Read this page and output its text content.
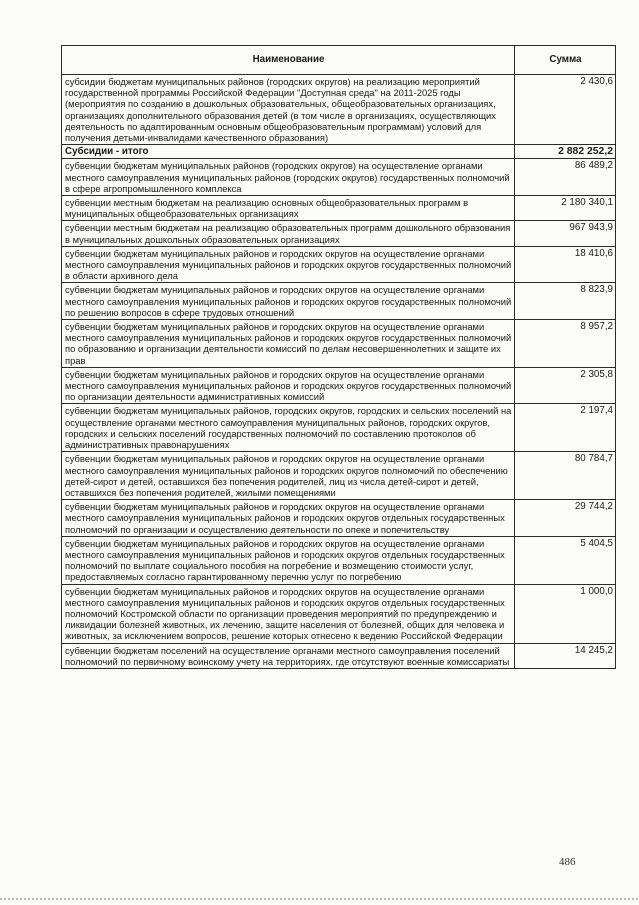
Наименование	Сумма
субсидии бюджетам муниципальных районов (городских округов) на реализацию мероприятий государственной программы Российской Федерации "Доступная среда" на 2011-2025 годы (мероприятия по созданию в дошкольных образовательных, общеобразовательных организациях, организациях дополнительного образования детей (в том числе в организациях, осуществляющих деятельность по адаптированным основным общеобразовательным программам) условий для получения детьми-инвалидами качественного образования)	2 430,6
Субсидии - итого	2 882 252,2
субвенции бюджетам муниципальных районов (городских округов) на осуществление органами местного самоуправления муниципальных районов (городских округов) государственных полномочий в сфере агропромышленного комплекса	86 489,2
субвенции местным бюджетам на реализацию основных общеобразовательных программ в муниципальных общеобразовательных организациях	2 180 340,1
субвенции местным бюджетам на реализацию образовательных программ дошкольного образования в муниципальных дошкольных образовательных организациях	967 943,9
субвенции бюджетам муниципальных районов и городских округов на осуществление органами местного самоуправления муниципальных районов и городских округов государственных полномочий в области архивного дела	18 410,6
субвенции бюджетам муниципальных районов и городских округов на осуществление органами местного самоуправления муниципальных районов и городских округов государственных полномочий по решению вопросов в сфере трудовых отношений	8 823,9
субвенции бюджетам муниципальных районов и городских округов на осуществление органами местного самоуправления муниципальных районов и городских округов государственных полномочий по образованию и организации деятельности комиссий по делам несовершеннолетних и защите их прав	8 957,2
субвенции бюджетам муниципальных районов и городских округов на осуществление органами местного самоуправления муниципальных районов и городских округов государственных полномочий по организации деятельности административных комиссий	2 305,8
субвенции бюджетам муниципальных районов, городских округов, городских и сельских поселений на осуществление органами местного самоуправления муниципальных районов, городских округов, городских и сельских поселений государственных полномочий по составлению протоколов об административных правонарушениях	2 197,4
субвенции бюджетам муниципальных районов и городских округов на осуществление органами местного самоуправления муниципальных районов и городских округов полномочий по обеспечению детей-сирот и детей, оставшихся без попечения родителей, лиц из числа детей-сирот и детей, оставшихся без попечения родителей, жилыми помещениями	80 784,7
субвенции бюджетам муниципальных районов и городских округов на осуществление органами местного самоуправления муниципальных районов и городских округов отдельных государственных полномочий по организации и осуществлению деятельности по опеке и попечительству	29 744,2
субвенции бюджетам муниципальных районов и городских округов на осуществление органами местного самоуправления муниципальных районов и городских округов отдельных государственных полномочий по выплате социального пособия на погребение и возмещению стоимости услуг, предоставляемых согласно гарантированному перечню услуг по погребению	5 404,5
субвенции бюджетам муниципальных районов и городских округов на осуществление органами местного самоуправления муниципальных районов и городских округов отдельных государственных полномочий Костромской области по организации проведения мероприятий по предупреждению и ликвидации болезней животных, их лечению, защите населения от болезней, общих для человека и животных, за исключением вопросов, решение которых отнесено к ведению Российской Федерации	1 000,0
субвенции бюджетам поселений на осуществление органами местного самоуправления поселений полномочий по первичному воинскому учету на территориях, где отсутствуют военные комиссариаты	14 245,2
486
